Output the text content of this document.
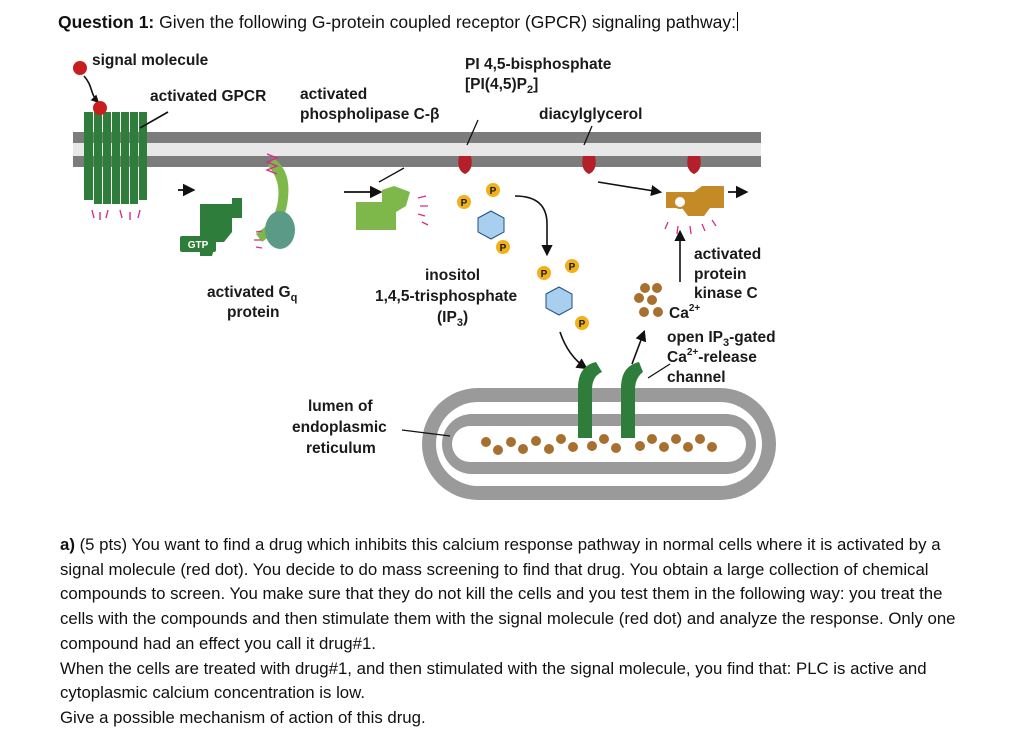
Question 1: Given the following G-protein coupled receptor (GPCR) signaling pathway:
signal molecule
activated GPCR
GTP
activated $G_q$
protein
activated
phospholipase C-β
PI 4,5-bisphosphate
$[PI(4,5)P_2]$
P
P
P
inositol
1,4,5-trisphosphate
$(IP_3)$
diacylglycerol
P
P
P
activated
protein
kinase C
$Ca^{2+}$
lumen of
endoplasmic
reticulum
open $IP_3$-gated
$Ca^{2+}$-release
channel

a) (5 pts) You want to find a drug which inhibits this calcium response pathway in normal cells where it is activated by a signal molecule (red dot). You decide to do mass screening to find that drug. You obtain a large collection of chemical compounds to screen. You make sure that they do not kill the cells and you test them in the following way: you treat the cells with the compounds and then stimulate them with the signal molecule (red dot) and analyze the response. Only one compound had an effect you call it drug#1.

When the cells are treated with drug#1, and then stimulated with the signal molecule, you find that: PLC is active and cytoplasmic calcium concentration is low.

Give a possible mechanism of action of this drug.
